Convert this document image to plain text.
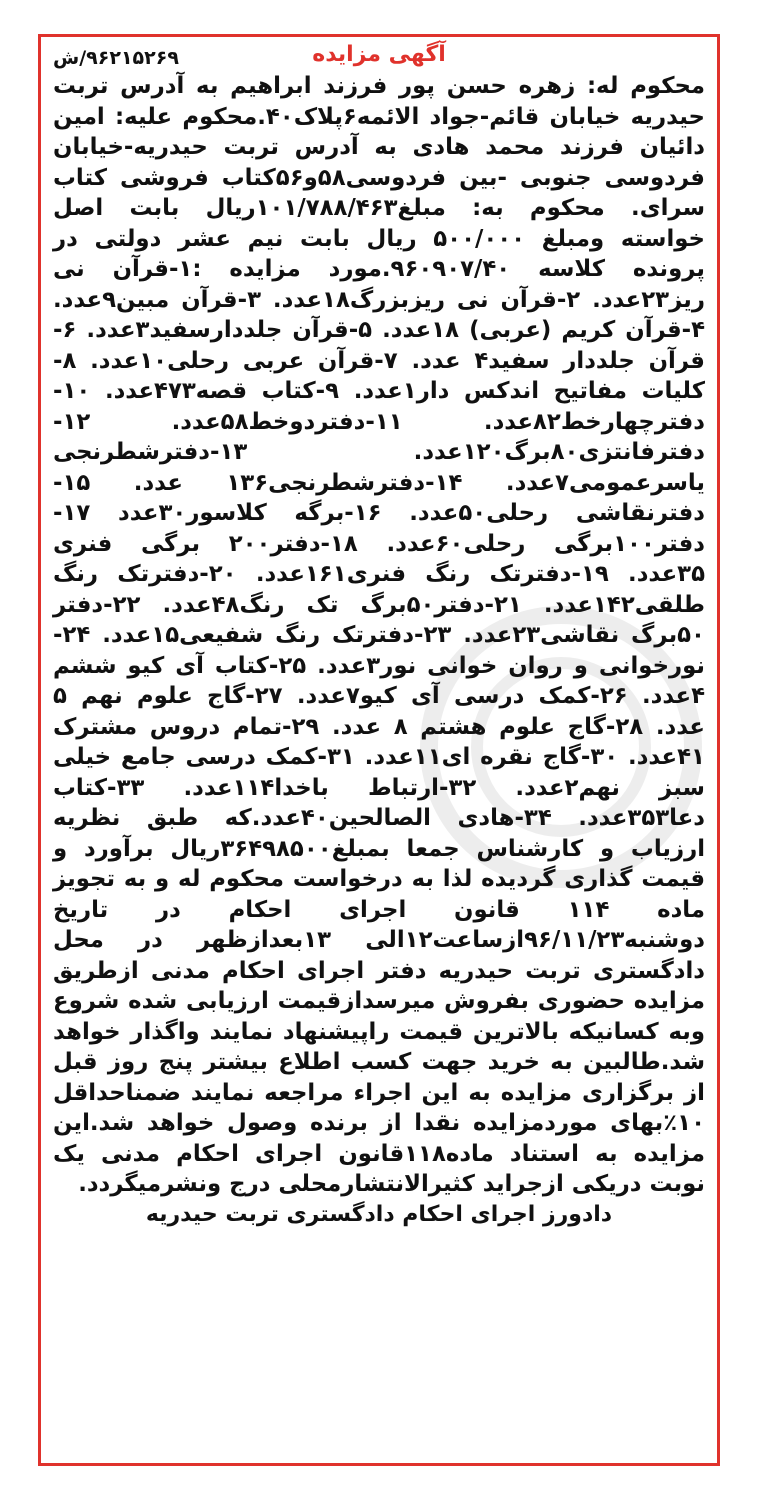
آگهی مزایده
۹۶۲۱۵۲۶۹/ش
محکوم له: زهره حسن پور فرزند ابراهیم به آدرس تربت حیدریه خیابان قائم-جواد الائمه۶پلاک۴۰.محکوم علیه: امین دائیان فرزند محمد هادی به آدرس تربت حیدریه-خیابان فردوسی جنوبی -بین فردوسی۵۸و۵۶کتاب فروشی کتاب سرای. محکوم به: مبلغ۱۰۱/۷۸۸/۴۶۳ریال بابت اصل خواسته ومبلغ ۵۰۰/۰۰۰ ریال بابت نیم عشر دولتی در پرونده کلاسه ۹۶۰۹۰۷/۴۰.مورد مزایده :۱-قرآن نی ریز۲۳عدد. ۲-قرآن نی ریزبزرگ۱۸عدد. ۳-قرآن مبین۹عدد. ۴-قرآن کریم (عربی) ۱۸عدد. ۵-قرآن جلددارسفید۳عدد. ۶-قرآن جلددار سفید۴ عدد. ۷-قرآن عربی رحلی۱۰عدد. ۸-کلیات مفاتیح اندکس دار۱عدد. ۹-کتاب قصه۴۷۳عدد. ۱۰-دفترچهارخط۸۲عدد. ۱۱-دفتردوخط۵۸عدد. ۱۲-دفترفانتزی۸۰برگ۱۲۰عدد. ۱۳-دفترشطرنجی یاسرعمومی۷عدد. ۱۴-دفترشطرنجی۱۳۶ عدد. ۱۵-دفترنقاشی رحلی۵۰عدد. ۱۶-برگه کلاسور۳۰عدد ۱۷-دفتر۱۰۰برگی رحلی۶۰عدد. ۱۸-دفتر۲۰۰ برگی فنری ۳۵عدد. ۱۹-دفترتک رنگ فنری۱۶۱عدد. ۲۰-دفترتک رنگ طلقی۱۴۲عدد. ۲۱-دفتر۵۰برگ تک رنگ۴۸عدد. ۲۲-دفتر ۵۰برگ نقاشی۲۳عدد. ۲۳-دفترتک رنگ شفیعی۱۵عدد. ۲۴-نورخوانی و روان خوانی نور۳عدد. ۲۵-کتاب آی کیو ششم ۴عدد. ۲۶-کمک درسی آی کیو۷عدد. ۲۷-گاج علوم نهم ۵ عدد. ۲۸-گاج علوم هشتم ۸ عدد. ۲۹-تمام دروس مشترک ۴۱عدد. ۳۰-گاج نقره ای۱۱عدد. ۳۱-کمک درسی جامع خیلی سبز نهم۲عدد. ۳۲-ارتباط باخدا۱۱۴عدد. ۳۳-کتاب دعا۳۵۳عدد. ۳۴-هادی الصالحین۴۰عدد.که طبق نظریه ارزیاب و کارشناس جمعا بمبلغ۳۶۴۹۸۵۰۰ریال برآورد و قیمت گذاری گردیده لذا به درخواست محکوم له و به تجویز ماده ۱۱۴ قانون اجرای احکام در تاریخ دوشنبه۹۶/۱۱/۲۳ازساعت۱۲الی ۱۳بعدازظهر در محل دادگستری تربت حیدریه دفتر اجرای احکام مدنی ازطریق مزایده حضوری بفروش میرسدازقیمت ارزیابی شده شروع وبه کسانیکه بالاترین قیمت راپیشنهاد نمایند واگذار خواهد شد.طالبین به خرید جهت کسب اطلاع بیشتر پنج روز قبل از برگزاری مزایده به این اجراء مراجعه نمایند ضمناحداقل ۱۰٪بهای موردمزایده نقدا از برنده وصول خواهد شد.این مزایده به استناد ماده۱۱۸قانون اجرای احکام مدنی یک نوبت دریکی ازجراید کثیرالانتشارمحلی درج ونشرمیگردد.
دادورز اجرای احکام دادگستری تربت حیدریه
